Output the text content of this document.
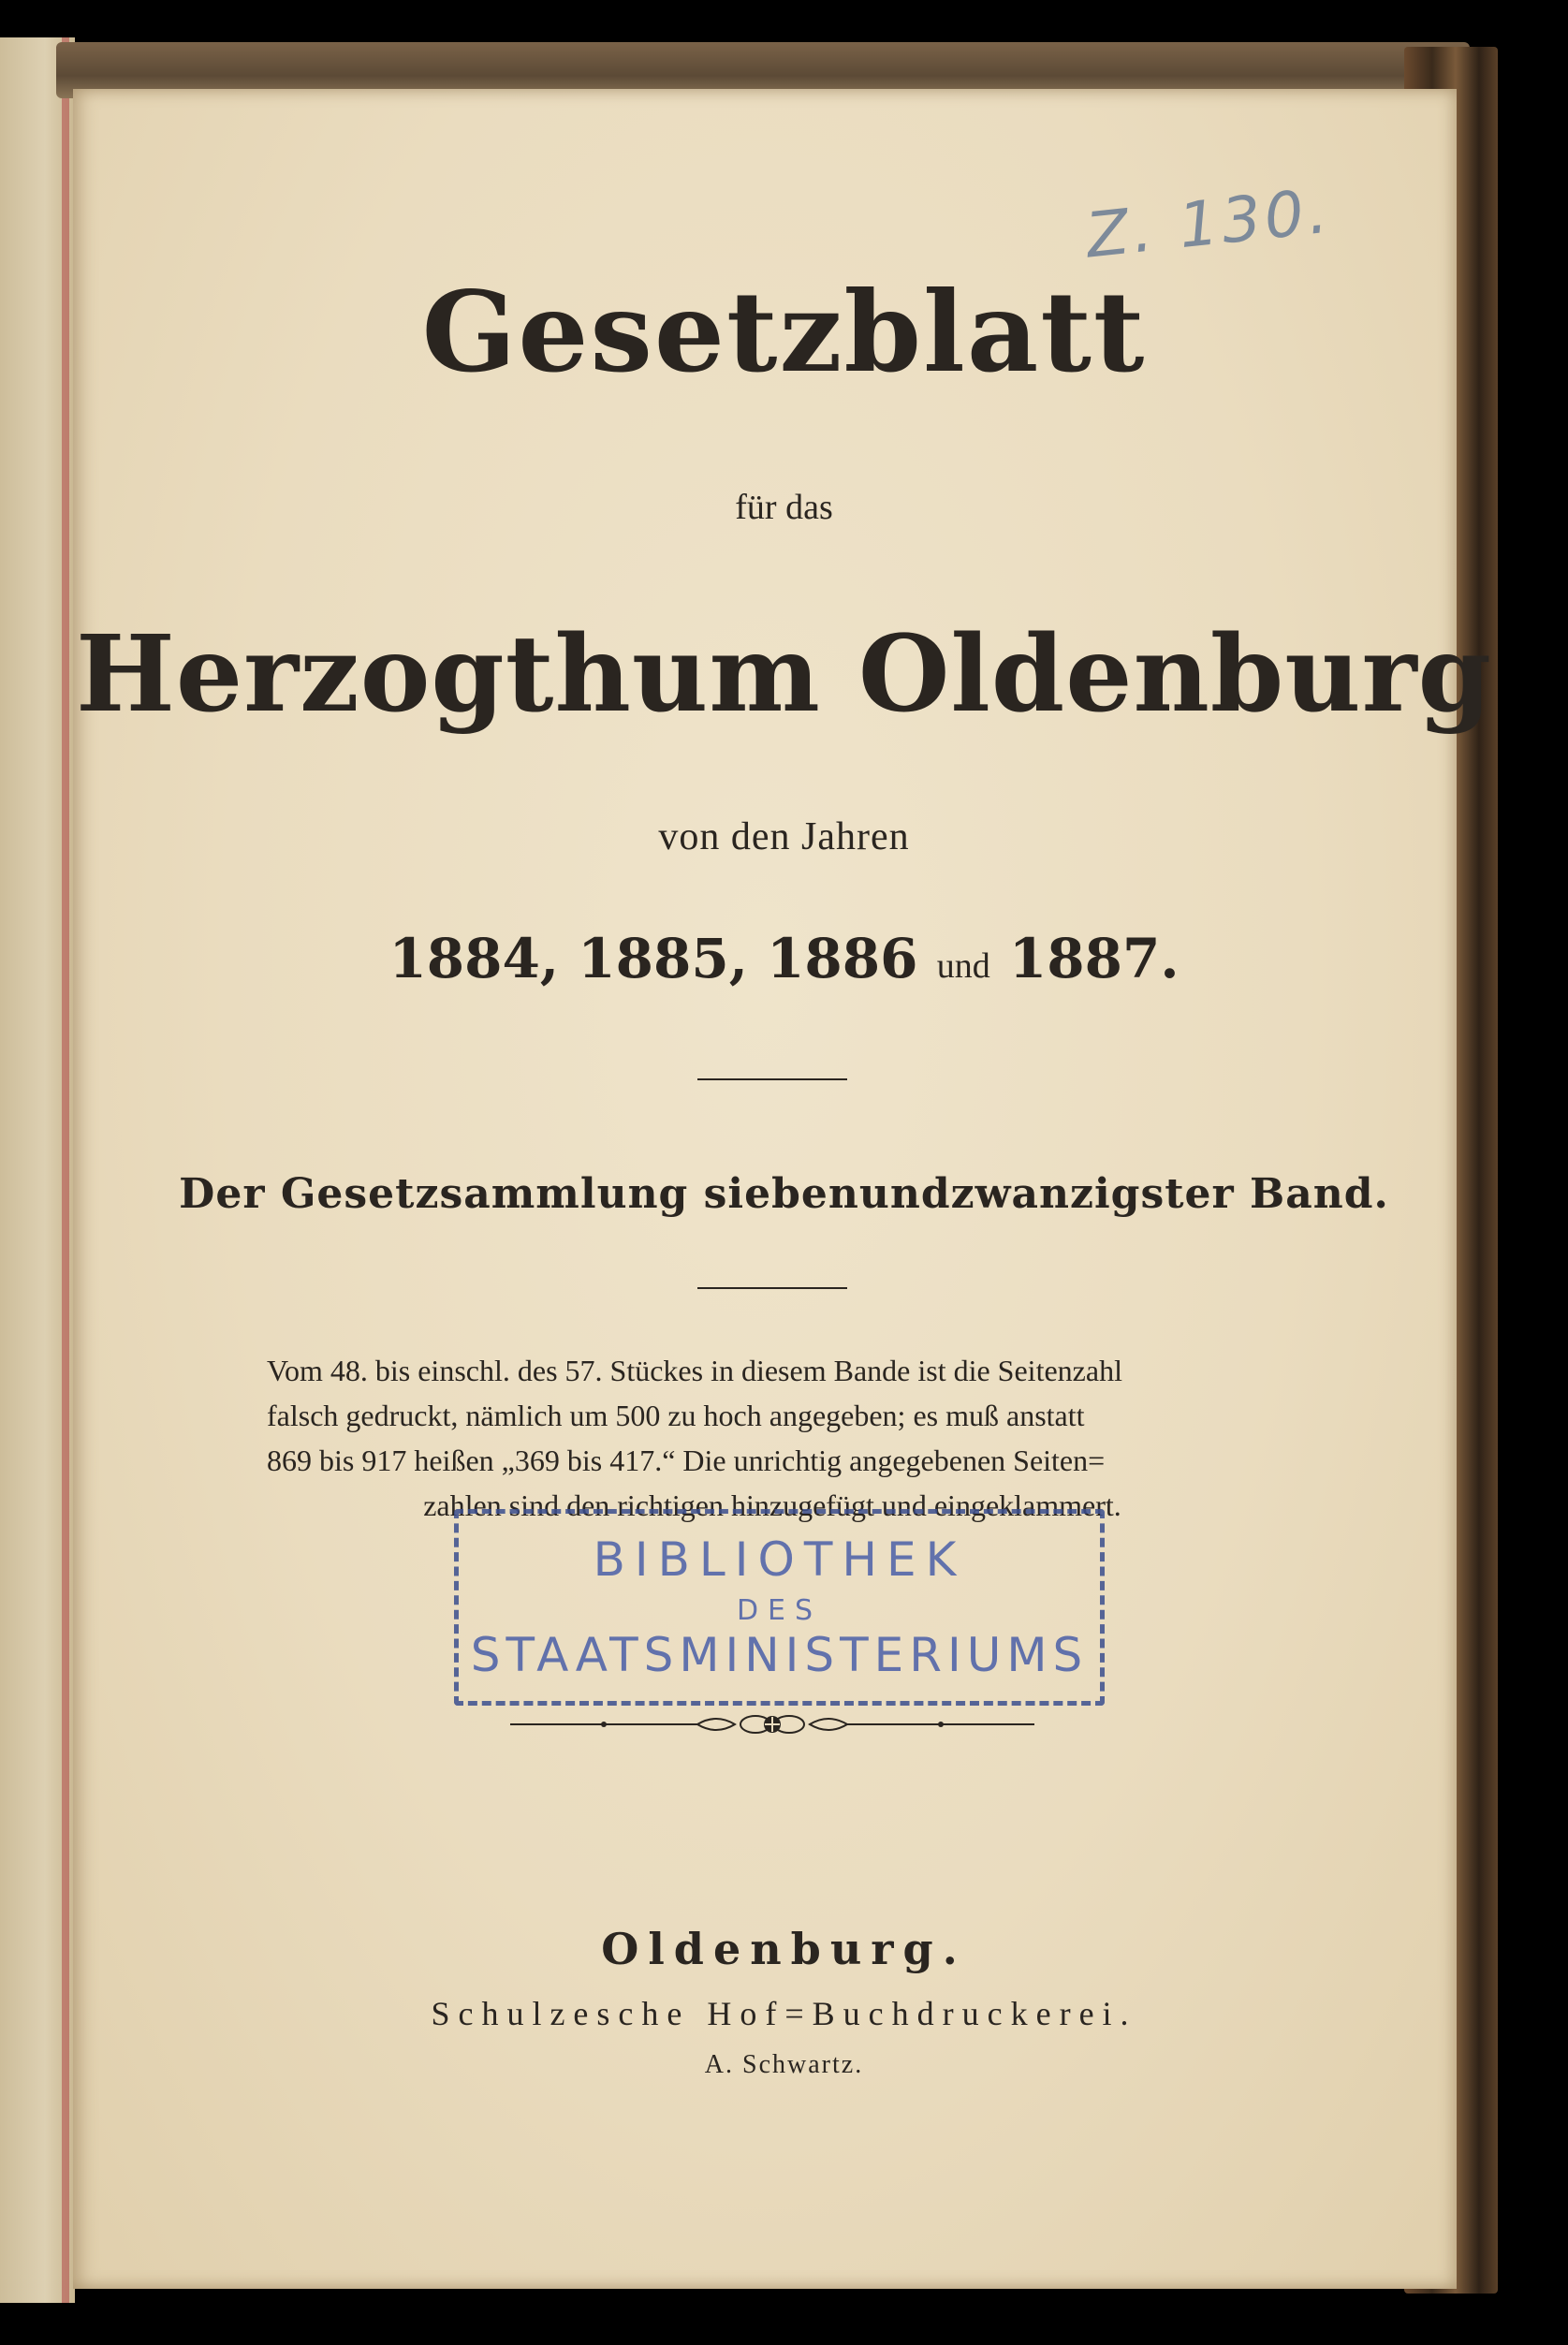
Z. 130.
Gesetzblatt
für das
Herzogthum Oldenburg
von den Jahren
1884, 1885, 1886 und 1887.
Der Gesetzsammlung siebenundzwanzigster Band.
Vom 48. bis einschl. des 57. Stückes in diesem Bande ist die Seitenzahl
falsch gedruckt, nämlich um 500 zu hoch angegeben; es muß anstatt
869 bis 917 heißen „369 bis 417.“ Die unrichtig angegebenen Seiten=
zahlen sind den richtigen hinzugefügt und eingeklammert.
BIBLIOTHEK
DES
STAATSMINISTERIUMS
Oldenburg.
Schulzesche Hof=Buchdruckerei.
A. Schwartz.
